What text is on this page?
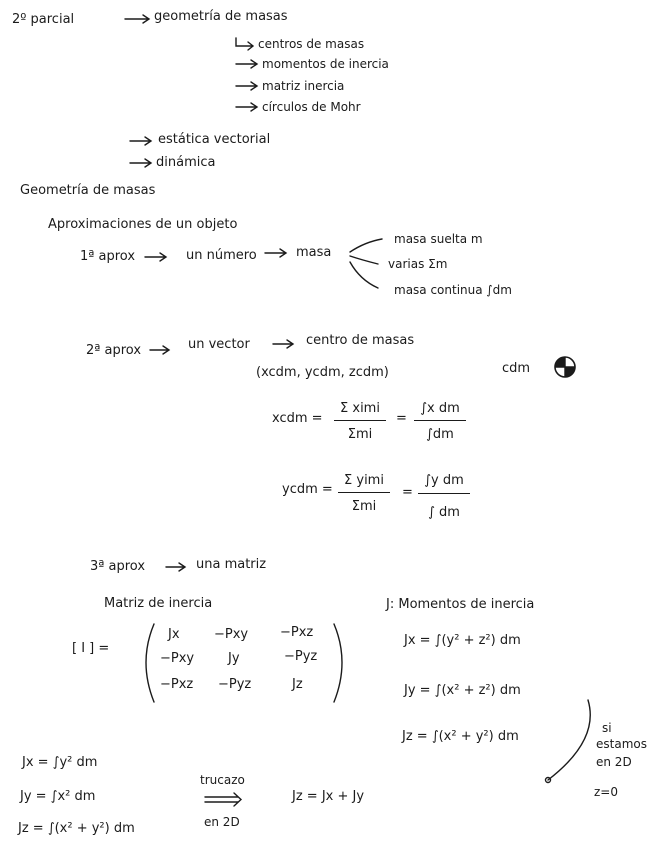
2º parcial	geometría de masas
centros de masas
momentos de inercia
matriz inercia
círculos de Mohr
estática vectorial
dinámica
Geometría de masas
Aproximaciones de un objeto
1ª aprox	un número	masa
masa suelta m
varias Σm
masa continua ∫dm
2ª aprox	un vector	centro de masas
(xcdm, ycdm, zcdm)	cdm
xcdm =
Σ ximi
Σmi
=
∫x dm
∫dm
ycdm =
Σ yimi
Σmi
=
∫y dm
∫ dm
3ª aprox	una matriz
Matriz de inercia
[ I ] =
Jx	−Pxy −Pxz
−Pxy	Jy	−Pyz
−Pxz −Pyz	Jz
J: Momentos de inercia
Jx = ∫(y² + z²) dm
Jy = ∫(x² + z²) dm
Jz = ∫(x² + y²) dm
si
estamos
en 2D
z=0
Jx = ∫y² dm
Jy = ∫x² dm
Jz = ∫(x² + y²) dm
trucazo
en 2D
Jz = Jx + Jy
